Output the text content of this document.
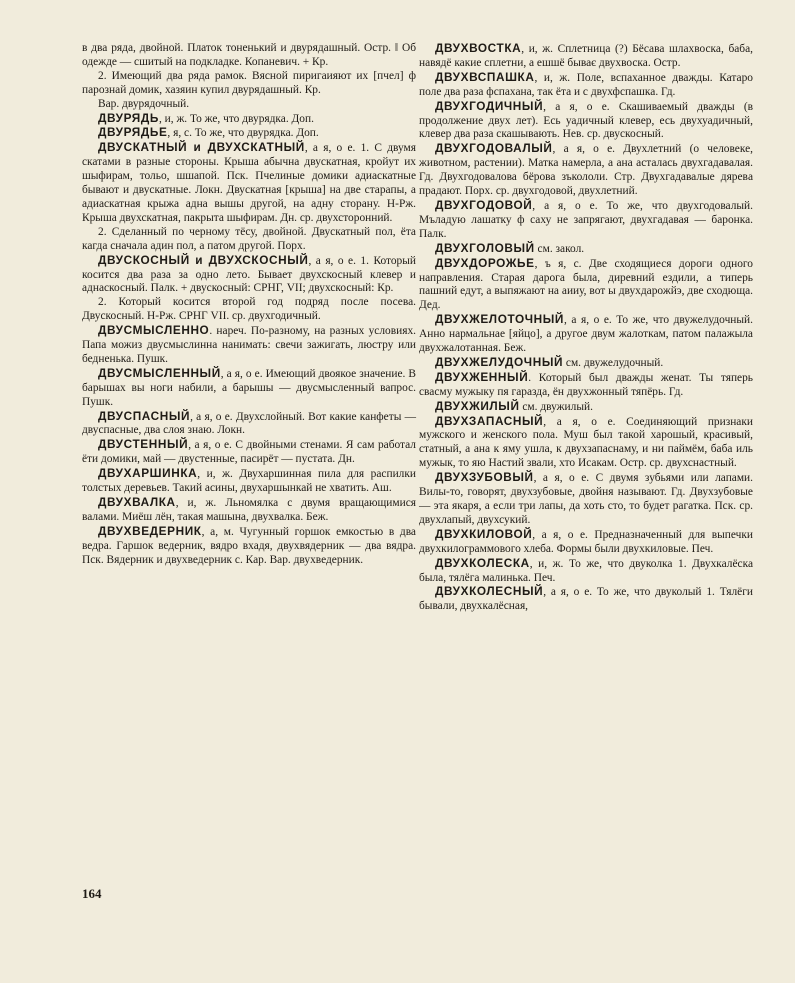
в два ряда, двойной. Платок тоненький и двурядашный. Остр. ‖ Об одежде — сшитый на подкладке. Копаневич. + Кр.

2. Имеющий два ряда рамок. Вясной пиригаияют их [пчел] ф парознай домик, хазяин купил двурядашный. Кр.

Вар. двурядочный.

ДВУРЯДЬ, и, ж. То же, что двурядка. Доп.

ДВУРЯДЬЕ, я, с. То же, что двурядка. Доп.

ДВУСКАТНЫЙ и ДВУХСКАТНЫЙ, а я, о е. 1. С двумя скатами в разные стороны. Крыша абычна двускатная, кройут их шыфирам, тольо, шшапой. Пск. Пчелиные домики адиаскатные бывают и двускатные. Локн. Двускатная [крыша] на две старапы, а адиаскатная крыжа адна вышы другой, на адну сторану. Н-Рж. Крыша двухскатная, пакрыта шыфирам. Дн. ср. двухсторонний.

2. Сделанный по черному тёсу, двойной. Двускатный пол, ёта кагда сначала адин пол, а патом другой. Порх.

ДВУСКОСНЫЙ и ДВУХСКОСНЫЙ, а я, о е. 1. Который косится два раза за одно лето. Бывает двухскосный клевер и аднаскосный. Палк. + двускосный: СРНГ, VII; двухскосный: Кр.

2. Который косится второй год подряд после посева. Двускосный. Н-Рж. СРНГ VII. ср. двухгодичный.

ДВУСМЫСЛЕННО. нареч. По-разному, на разных условиях. Папа можиз двусмыслинна нанимать: свечи зажигать, люстру или бедненька. Пушк.

ДВУСМЫСЛЕННЫЙ, а я, о е. Имеющий двоякое значение. В барышах вы ноги набили, а барышы — двусмысленный вапрос. Пушк.

ДВУСПАСНЫЙ, а я, о е. Двухслойный. Вот какие канфеты — двуспасные, два слоя знаю. Локн.

ДВУСТЕННЫЙ, а я, о е. С двойными стенами. Я сам работал ёти домики, май — двустенные, пасирёт — пустата. Дн.

ДВУХАРШИНКА, и, ж. Двухаршинная пила для распилки толстых деревьев. Такий асины, двухаршынкай не хватить. Аш.

ДВУХВАЛКА, и, ж. Льномялка с двумя вращающимися валами. Миёш лён, такая машына, двухвалка. Беж.

ДВУХВЕДЕРНИК, а, м. Чугунный горшок емкостью в два ведра. Гаршок ведерник, вядро вхадя, двухвядерник — два вядра. Пск. Вядерник и двухведерник с. Кар. Вар. двухведерник.

ДВУХВОСТКА, и, ж. Сплетница (?) Бёсава шлахвоска, баба, навядё какие сплетни, а ешшё быває двухвоска. Остр.

ДВУХВСПАШКА, и, ж. Поле, вспаханное дважды. Катаро поле два раза фспахана, так ёта и с двухфспашка. Гд.

ДВУХГОДИЧНЫЙ, а я, о е. Скашиваемый дважды (в продолжение двух лет). Есь уадичный клевер, есь двухуадичный, клевер два раза скашывають. Нев. ср. двускосный.

ДВУХГОДОВАЛЫЙ, а я, о е. Двухлетний (о человеке, животном, растении). Матка намерла, а ана асталась двухгадавалая. Гд. Двухгодовалова бёрова зъкололи. Стр. Двухгадавалые дяревa прадают. Порх. ср. двухгодовой, двухлетний.

ДВУХГОДОВОЙ, а я, о е. То же, что двухгодовалый. Мъладую лашатку ф саху не запрягают, двухгадавая — баронка. Палк.

ДВУХГОЛОВЫЙ см. закол.

ДВУХДОРОЖЬЕ, ъ я, с. Две сходящиеся дороги одного направления. Старая дарога была, диревний ездили, а типерь пашний едут, а выпяжают на аииу, вот ы двухдарожйэ, две сходюща. Дед.

ДВУХЖЕЛОТОЧНЫЙ, а я, о е. То же, что двужелудочный. Анно нармальнае [яйцо], а другое двум жалоткам, патом палажыла двухжалотанная. Беж.

ДВУХЖЕЛУДОЧНЫЙ см. двужелудочный.

ДВУХЖЕННЫЙ. Который был дважды женат. Ты тяперь свасму мужыку пя гараздa, ён двухжонный тяпёрь. Гд.

ДВУХЖИЛЫЙ см. двужилый.

ДВУХЗАПАСНЫЙ, а я, о е. Соединяющий признаки мужского и женского пола. Муш был такой харошый, красивый, статный, а ана к яму ушла, к двухзапаснаму, и ни паймём, баба иль мужык, то яю Настий звали, хто Исакам. Остр. ср. двухснастный.

ДВУХЗУБОВЫЙ, а я, о е. С двумя зубьями или лапами. Вилы-то, говорят, двухзубовые, двойня называют. Гд. Двухзубовые — эта якаря, а если три лапы, да хоть сто, то будет рагатка. Пск. ср. двухлапый, двухсукий.

ДВУХКИЛОВОЙ, а я, о е. Предназначенный для выпечки двухкилограммового хлеба. Формы были двухкиловые. Печ.

ДВУХКОЛЕСКА, и, ж. То же, что двуколка 1. Двухкалёска была, тялёга малинька. Печ.

ДВУХКОЛЕСНЫЙ, а я, о е. То же, что двуколый 1. Тялёги бывали, двухкалёсная,

164
